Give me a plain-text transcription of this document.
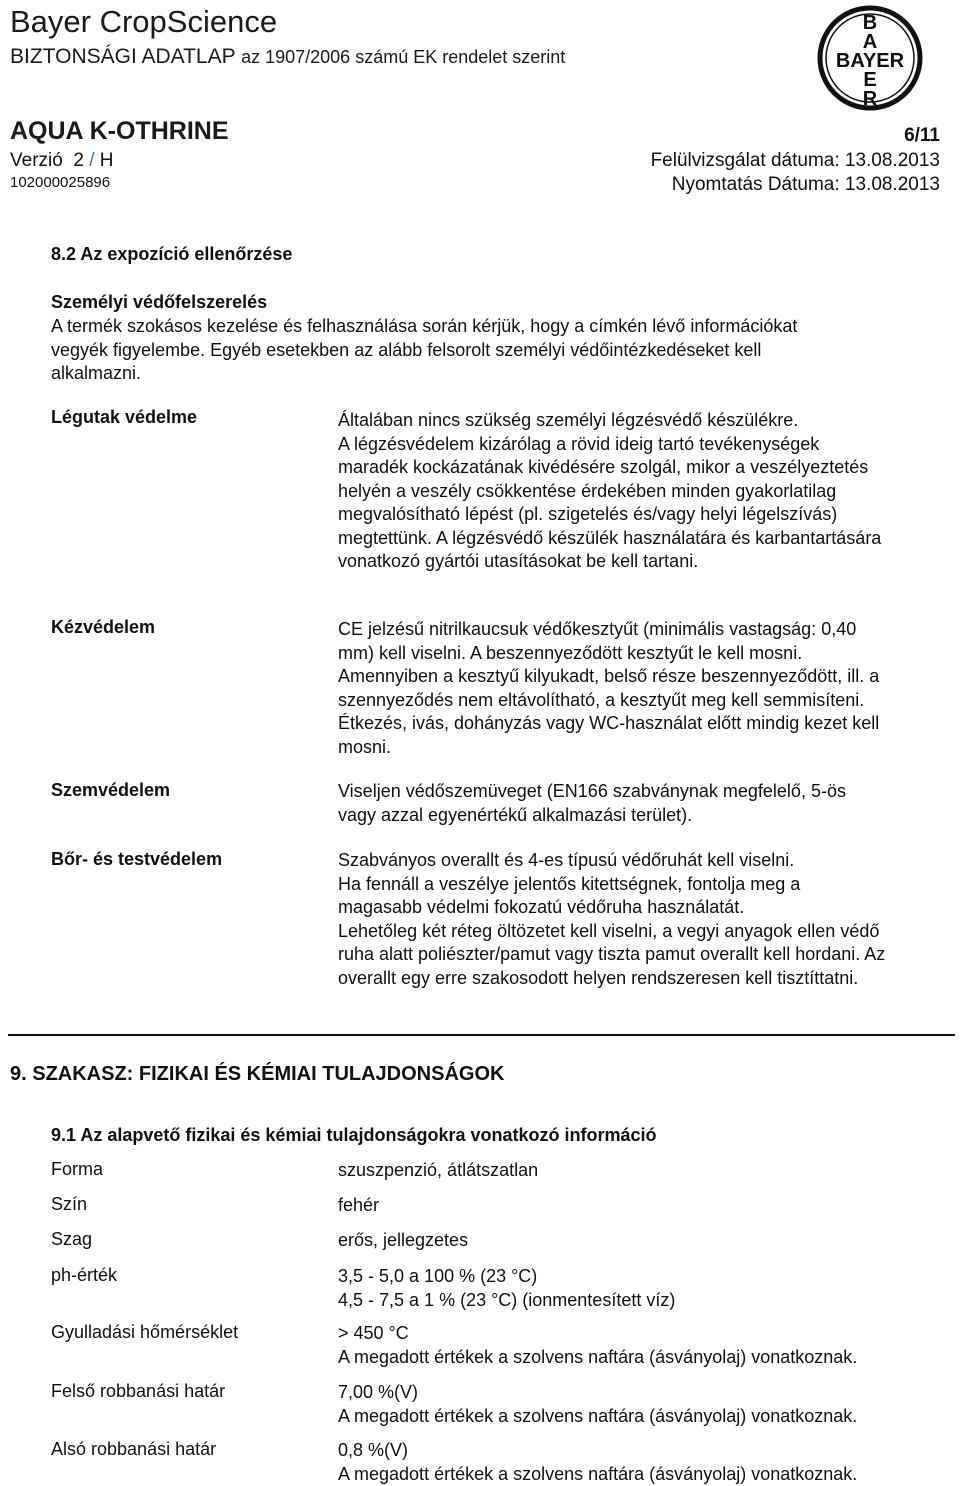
Bayer CropScience
BIZTONSÁGI ADATLAP az 1907/2006 számú EK rendelet szerint
B
A
BAYER
E
R
AQUA K-OTHRINE	6/11
Verzió 2 / H	Felülvizsgálat dátuma: 13.08.2013
102000025896	Nyomtatás Dátuma: 13.08.2013
8.2 Az expozíció ellenőrzése
Személyi védőfelszerelés
A termék szokásos kezelése és felhasználása során kérjük, hogy a címkén lévő információkat
vegyék figyelembe. Egyéb esetekben az alább felsorolt személyi védőintézkedéseket kell
alkalmazni.
Légutak védelme	Általában nincs szükség személyi légzésvédő készülékre.
A légzésvédelem kizárólag a rövid ideig tartó tevékenységek
maradék kockázatának kivédésére szolgál, mikor a veszélyeztetés
helyén a veszély csökkentése érdekében minden gyakorlatilag
megvalósítható lépést (pl. szigetelés és/vagy helyi légelszívás)
megtettünk. A légzésvédő készülék használatára és karbantartására
vonatkozó gyártói utasításokat be kell tartani.
Kézvédelem	CE jelzésű nitrilkaucsuk védőkesztyűt (minimális vastagság: 0,40
mm) kell viselni. A beszennyeződött kesztyűt le kell mosni.
Amennyiben a kesztyű kilyukadt, belső része beszennyeződött, ill. a
szennyeződés nem eltávolítható, a kesztyűt meg kell semmisíteni.
Étkezés, ivás, dohányzás vagy WC-használat előtt mindig kezet kell
mosni.
Szemvédelem	Viseljen védőszemüveget (EN166 szabványnak megfelelő, 5-ös
vagy azzal egyenértékű alkalmazási terület).
Bőr- és testvédelem	Szabványos overallt és 4-es típusú védőruhát kell viselni.
Ha fennáll a veszélye jelentős kitettségnek, fontolja meg a
magasabb védelmi fokozatú védőruha használatát.
Lehetőleg két réteg öltözetet kell viselni, a vegyi anyagok ellen védő
ruha alatt poliészter/pamut vagy tiszta pamut overallt kell hordani. Az
overallt egy erre szakosodott helyen rendszeresen kell tisztíttatni.
9. SZAKASZ: FIZIKAI ÉS KÉMIAI TULAJDONSÁGOK
9.1 Az alapvető fizikai és kémiai tulajdonságokra vonatkozó információ
Forma	szuszpenzió, átlátszatlan
Szín	fehér
Szag	erős, jellegzetes
ph-érték	3,5 - 5,0 a 100 % (23 °C)
4,5 - 7,5 a 1 % (23 °C) (ionmentesített víz)
Gyulladási hőmérséklet	> 450 °C
A megadott értékek a szolvens naftára (ásványolaj) vonatkoznak.
Felső robbanási határ	7,00 %(V)
A megadott értékek a szolvens naftára (ásványolaj) vonatkoznak.
Alsó robbanási határ	0,8 %(V)
A megadott értékek a szolvens naftára (ásványolaj) vonatkoznak.
